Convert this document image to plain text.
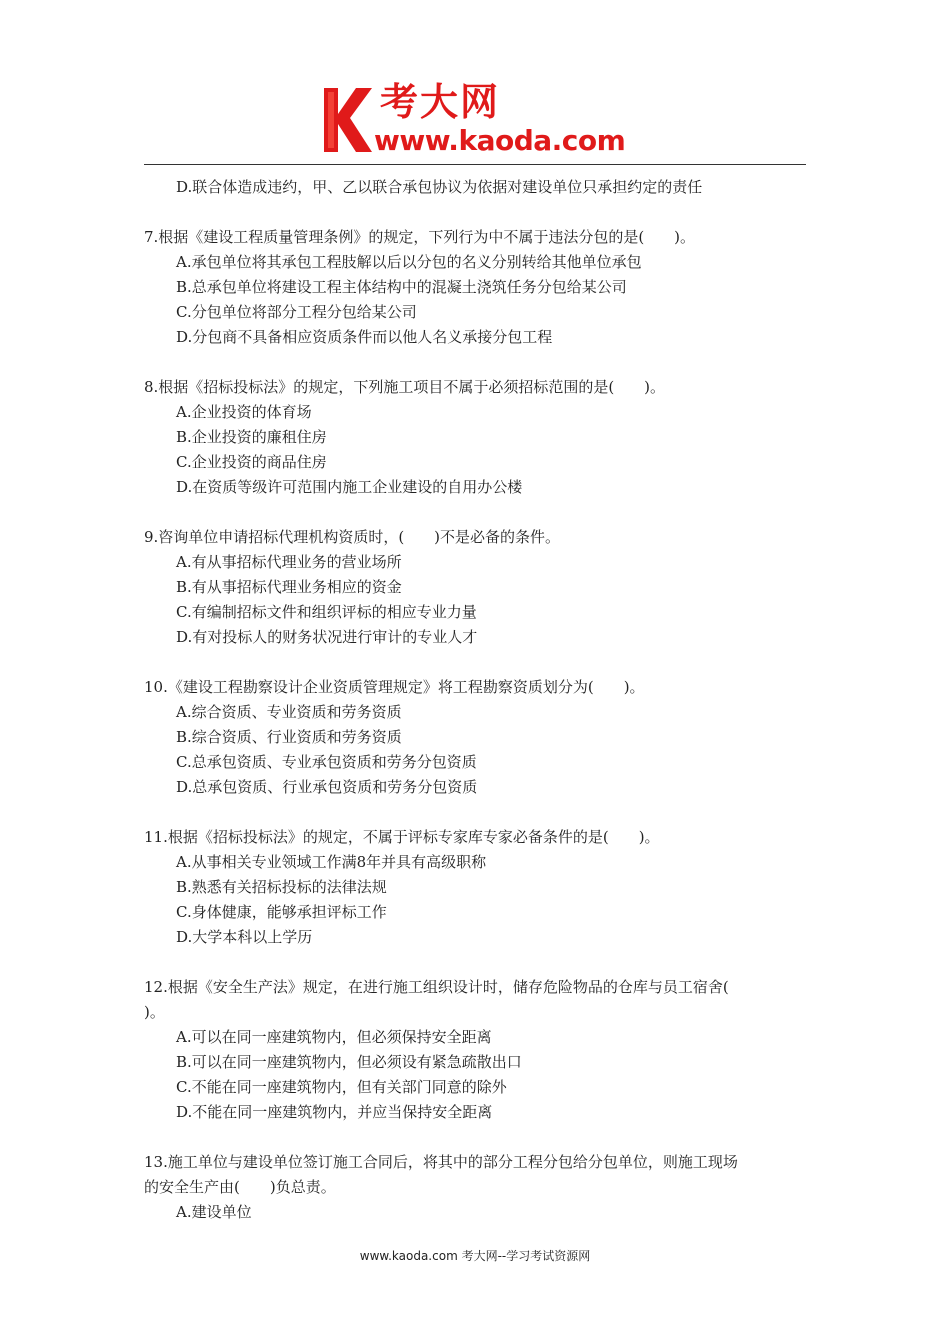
考大网
www.kaoda.com
D.联合体造成违约，甲、乙以联合承包协议为依据对建设单位只承担约定的责任
7.根据《建设工程质量管理条例》的规定，下列行为中不属于违法分包的是(　　)。
A.承包单位将其承包工程肢解以后以分包的名义分别转给其他单位承包
B.总承包单位将建设工程主体结构中的混凝土浇筑任务分包给某公司
C.分包单位将部分工程分包给某公司
D.分包商不具备相应资质条件而以他人名义承接分包工程
8.根据《招标投标法》的规定，下列施工项目不属于必须招标范围的是(　　)。
A.企业投资的体育场
B.企业投资的廉租住房
C.企业投资的商品住房
D.在资质等级许可范围内施工企业建设的自用办公楼
9.咨询单位申请招标代理机构资质时，(　　)不是必备的条件。
A.有从事招标代理业务的营业场所
B.有从事招标代理业务相应的资金
C.有编制招标文件和组织评标的相应专业力量
D.有对投标人的财务状况进行审计的专业人才
10.《建设工程勘察设计企业资质管理规定》将工程勘察资质划分为(　　)。
A.综合资质、专业资质和劳务资质
B.综合资质、行业资质和劳务资质
C.总承包资质、专业承包资质和劳务分包资质
D.总承包资质、行业承包资质和劳务分包资质
11.根据《招标投标法》的规定，不属于评标专家库专家必备条件的是(　　)。
A.从事相关专业领域工作满8年并具有高级职称
B.熟悉有关招标投标的法律法规
C.身体健康，能够承担评标工作
D.大学本科以上学历
12.根据《安全生产法》规定，在进行施工组织设计时，储存危险物品的仓库与员工宿舍(
)。
A.可以在同一座建筑物内，但必须保持安全距离
B.可以在同一座建筑物内，但必须设有紧急疏散出口
C.不能在同一座建筑物内，但有关部门同意的除外
D.不能在同一座建筑物内，并应当保持安全距离
13.施工单位与建设单位签订施工合同后，将其中的部分工程分包给分包单位，则施工现场
的安全生产由(　　)负总责。
A.建设单位
www.kaoda.com 考大网--学习考试资源网
